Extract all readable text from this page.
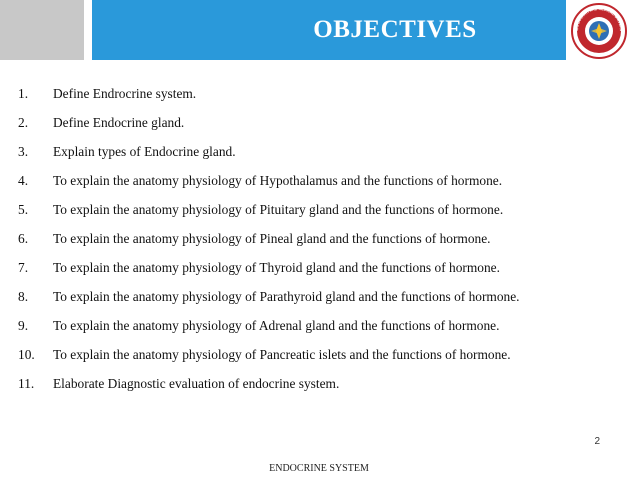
OBJECTIVES	SRI GUJRATI AND MEDICAL UNIVERS
1.	Define Endrocrine system.
2.	Define Endocrine gland.
3.	Explain types of Endocrine gland.
4.	To explain the anatomy physiology of Hypothalamus and the functions of hormone.
5.	To explain the anatomy physiology of Pituitary gland and the functions of hormone.
6.	To explain the anatomy physiology of Pineal gland and the functions of hormone.
7.	To explain the anatomy physiology of Thyroid gland and the functions of hormone.
8.	To explain the anatomy physiology of Parathyroid gland and the functions of hormone.
9.	To explain the anatomy physiology of Adrenal gland and the functions of hormone.
10.	To explain the anatomy physiology of Pancreatic islets and the functions of hormone.
11.	Elaborate Diagnostic evaluation of endocrine system.
2
ENDOCRINE SYSTEM
